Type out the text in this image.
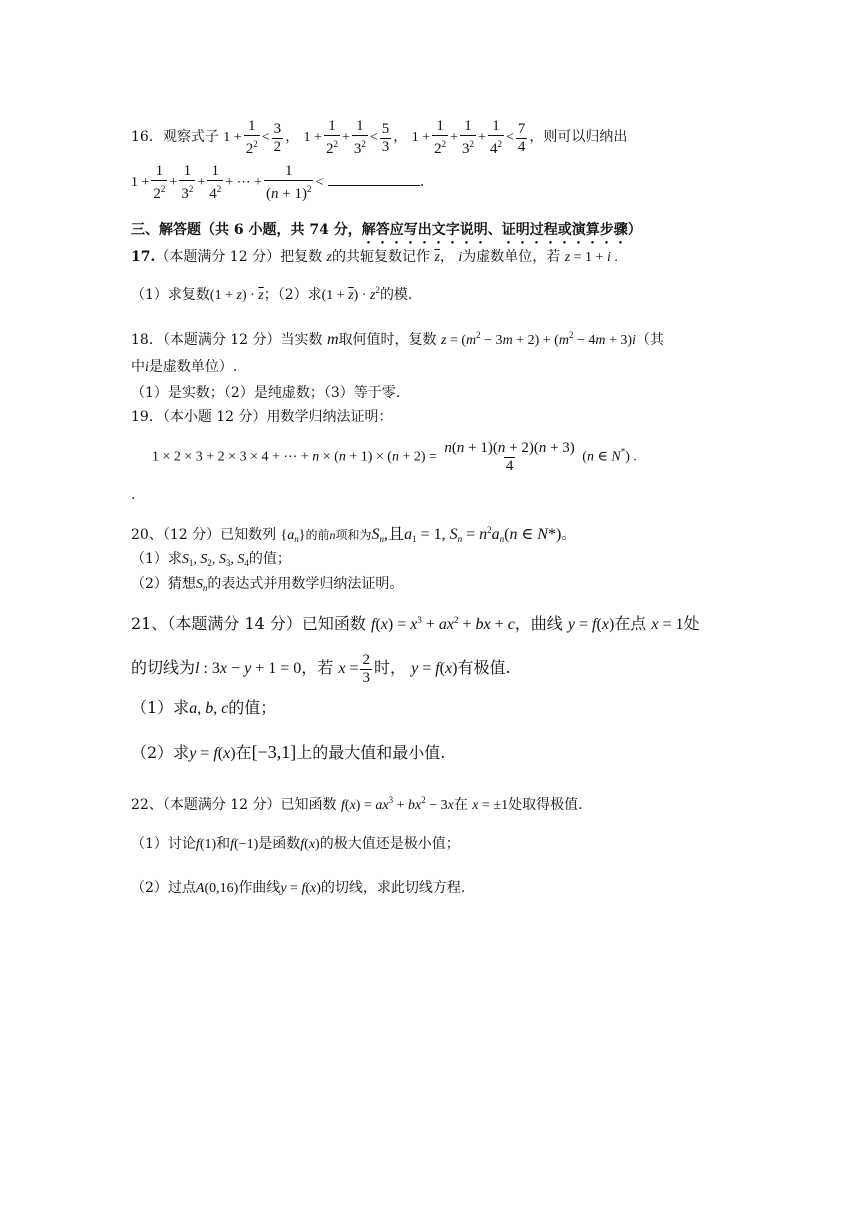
16．观察式子 $1 + \frac{1}{2^2} < \frac{3}{2}$ ， $1 + \frac{1}{2^2} + \frac{1}{3^2} < \frac{5}{3}$ ， $1 + \frac{1}{2^2} + \frac{1}{3^2} + \frac{1}{4^2} < \frac{7}{4}$ ，则可以归纳出
$1 + \frac{1}{2^2} + \frac{1}{3^2} + \frac{1}{4^2}$ + ⋯ + $\frac{1}{(n + 1)^2}$ <	.
三、解答题（共 6 小题，共 74 分，解答应写出文字说明、证明过程或演算步骤）
17.（本题满分 12 分）把复数 z的共轭复数记作 $\overline{z}$， i为虚数单位，若 z = 1 + i .
（1）求复数$(1 + z) \cdot \overline{z}$；（2）求$(1 + \overline{z}) \cdot z^2$的模.
18．（本题满分 12 分）当实数 m取何值时，复数 $z = (m^2 - 3m + 2) + (m^2 - 4m + 3)i$（其
中i是虚数单位）.
（1）是实数；（2）是纯虚数；（3）等于零.
19．（本小题 12 分）用数学归纳法证明：
1 × 2 × 3 + 2 × 3 × 4 + ⋯ + $n \times (n + 1) \times (n + 2) = \frac{n(n + 1)(n + 2)(n + 3)}{4} (n$ ∈ N*) .
.
20、（12 分）已知数列 $\{a_n\}$的前n项和为$S_n$,且$a_1 = 1$, $S_n = n^2a_n(n$ ∈ N*)。
（1）求$S_1$, $S_2$, $S_3$, $S_4$的值；
（2）猜想$S_n$的表达式并用数学归纳法证明。
21、（本题满分 14 分）已知函数 $f(x) = x^3 + ax^2$ + bx + c，曲线 y = f(x)在点 x = 1处
的切线为l : 3x − y + 1 = 0，若 $x = \frac{2}{3}$ 时， y = f(x)有极值.
（1）求a, b, c的值；
（2）求y = f(x)在[−3,1]上的最大值和最小值.
22、（本题满分 12 分）已知函数 $f(x) = ax^3 + bx^2 - 3x$在 x = ±1处取得极值.
（1）讨论f(1)和f(−1)是函数f(x)的极大值还是极小值；
（2）过点A(0,16)作曲线y = f(x)的切线，求此切线方程.
